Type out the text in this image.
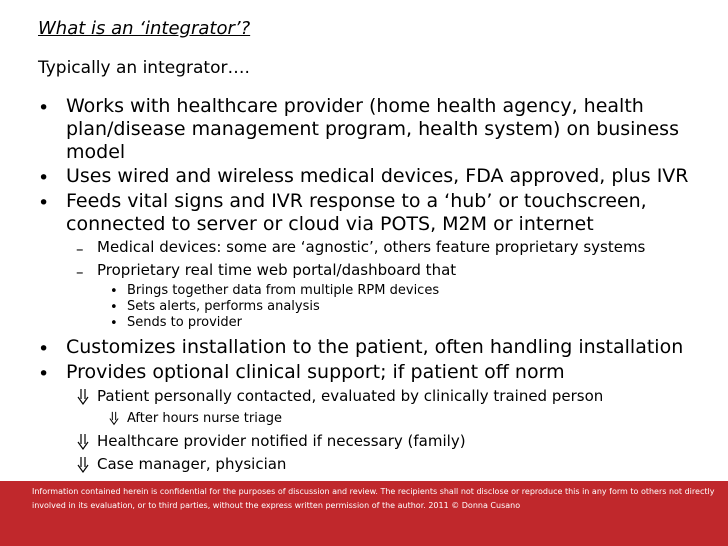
What is an ‘integrator’?
Typically an integrator….
• Works with healthcare provider (home health agency, health
plan/disease management program, health system) on business
model
• Uses wired and wireless medical devices, FDA approved, plus IVR
• Feeds vital signs and IVR response to a ‘hub’ or touchscreen,
connected to server or cloud via POTS, M2M or internet
– Medical devices: some are ‘agnostic’, others feature proprietary systems
– Proprietary real time web portal/dashboard that
• Brings together data from multiple RPM devices
• Sets alerts, performs analysis
• Sends to provider
• Customizes installation to the patient, often handling installation
• Provides optional clinical support; if patient off norm
Patient personally contacted, evaluated by clinically trained person
After hours nurse triage
Healthcare provider notified if necessary (family)
Case manager, physician
Information contained herein is confidential for the purposes of discussion and review. The recipients shall not disclose or reproduce this in any form to others not directly
involved in its evaluation, or to third parties, without the express written permission of the author. 2011 © Donna Cusano
